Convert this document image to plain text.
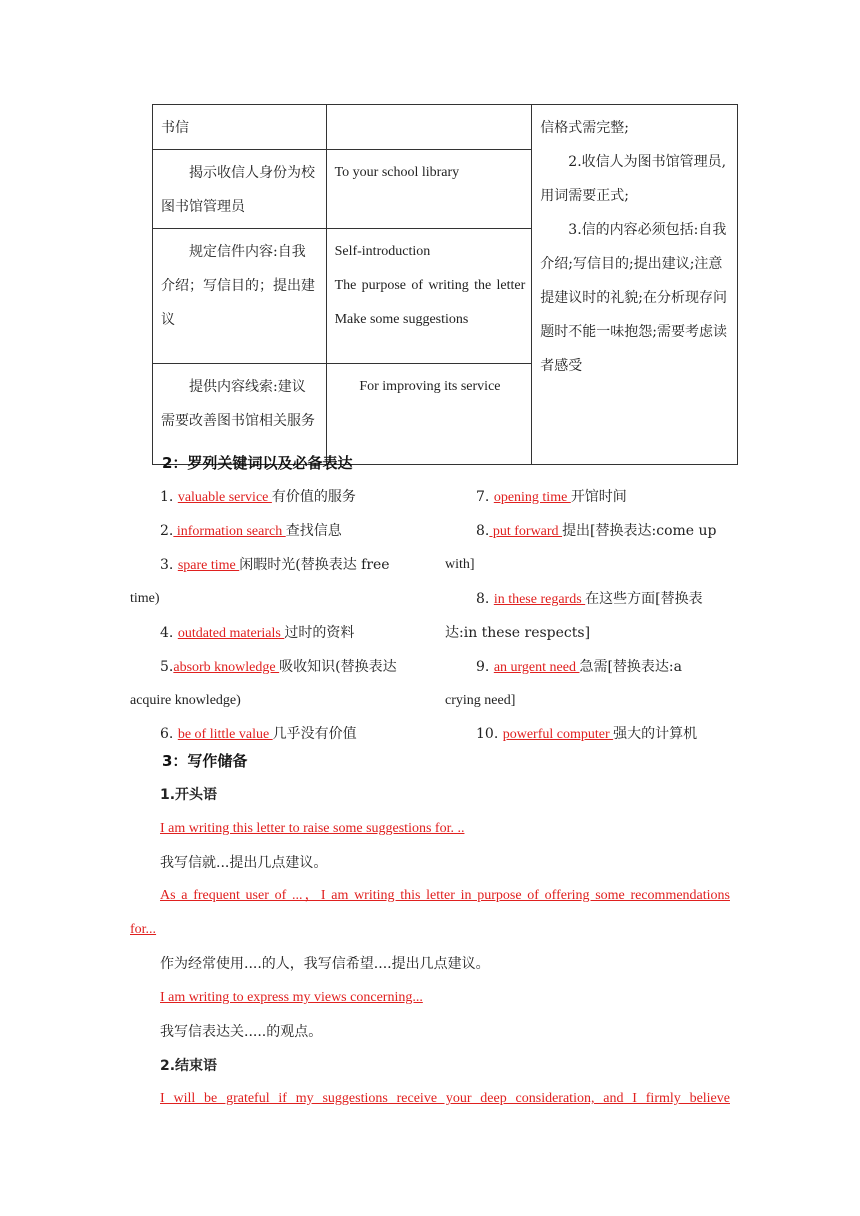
书信		信格式需完整;
2.收信人为图书馆管理员,用词需要正式;
3.信的内容必须包括:自我介绍;写信目的;提出建议;注意提建议时的礼貌;在分析现存问题时不能一味抱怨;需要考虑读者感受

揭示收信人身份为校图书馆管理员	To your school library	

规定信件内容:自我介绍；写信目的；提出建议	Self-introduction
The purpose of writing the letter
Make some suggestions	

提供内容线索:建议需要改善图书馆相关服务	For improving its service	
2：罗列关键词以及必备表达
1. valuable service 有价值的服务
2. information search 查找信息
3. spare time 闲暇时光(替换表达 free
time)
4. outdated materials 过时的资料
5.absorb knowledge 吸收知识(替换表达
acquire knowledge)
6. be of little value 几乎没有价值
7. opening time 开馆时间
8. put forward 提出[替换表达:come up
with]
8. in these regards 在这些方面[替换表
达:in these respects]
9. an urgent need 急需[替换表达:a
crying need]
10. powerful computer 强大的计算机
3：写作储备
1.开头语
I am writing this letter to raise some suggestions for. ..
我写信就...提出几点建议。
As a frequent user of ...，I am writing this letter in purpose of offering some recommendations
for...
作为经常使用....的人，我写信希望....提出几点建议。
I am writing to express my views concerning...
我写信表达关.....的观点。
2.结束语
I will be grateful if my suggestions receive your deep consideration, and I firmly believe
